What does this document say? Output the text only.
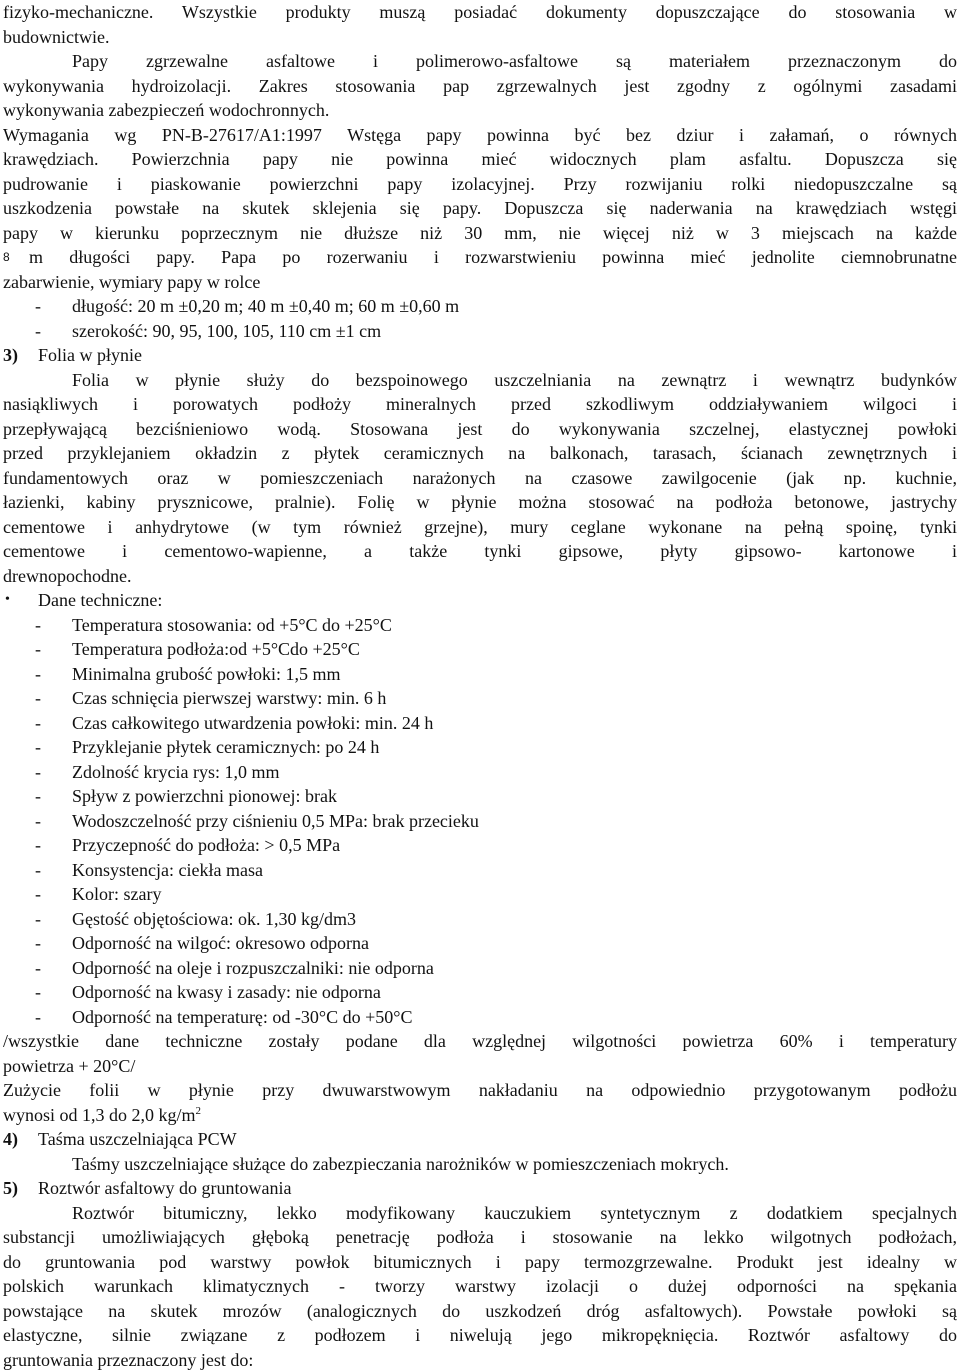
fizyko-mechaniczne. Wszystkie produkty muszą posiadać dokumenty dopuszczające do stosowania w
budownictwie.
Papy zgrzewalne asfaltowe i polimerowo-asfaltowe są materiałem przeznaczonym do
wykonywania hydroizolacji. Zakres stosowania pap zgrzewalnych jest zgodny z ogólnymi zasadami
wykonywania zabezpieczeń wodochronnych.
Wymagania wg PN-B-27617/A1:1997 Wstęga papy powinna być bez dziur i załamań, o równych
krawędziach. Powierzchnia papy nie powinna mieć widocznych plam asfaltu. Dopuszcza się
pudrowanie i piaskowanie powierzchni papy izolacyjnej. Przy rozwijaniu rolki niedopuszczalne są
uszkodzenia powstałe na skutek sklejenia się papy. Dopuszcza się naderwania na krawędziach wstęgi
papy w kierunku poprzecznym nie dłuższe niż 30 mm, nie więcej niż w 3 miejscach na każde
8	m długości papy. Papa po rozerwaniu i rozwarstwieniu powinna mieć jednolite ciemnobrunatne
zabarwienie, wymiary papy w rolce
- długość: 20 m ±0,20 m; 40 m ±0,40 m; 60 m ±0,60 m
- szerokość: 90, 95, 100, 105, 110 cm ±1 cm
3) Folia w płynie
Folia w płynie służy do bezspoinowego uszczelniania na zewnątrz i wewnątrz budynków
nasiąkliwych i porowatych podłoży mineralnych przed szkodliwym oddziaływaniem wilgoci i
przepływającą bezciśnieniowo wodą. Stosowana jest do wykonywania szczelnej, elastycznej powłoki
przed przyklejaniem okładzin z płytek ceramicznych na balkonach, tarasach, ścianach zewnętrznych i
fundamentowych oraz w pomieszczeniach narażonych na czasowe zawilgocenie (jak np. kuchnie,
łazienki, kabiny prysznicowe, pralnie). Folię w płynie można stosować na podłoża betonowe, jastrychy
cementowe i anhydrytowe (w tym również grzejne), mury ceglane wykonane na pełną spoinę, tynki
cementowe i cementowo-wapienne, a także tynki gipsowe, płyty gipsowo- kartonowe i
drewnopochodne.
• Dane techniczne:
- Temperatura stosowania: od +5°C do +25°C
- Temperatura podłoża:od +5°Cdo +25°C
- Minimalna grubość powłoki: 1,5 mm
- Czas schnięcia pierwszej warstwy: min. 6 h
- Czas całkowitego utwardzenia powłoki: min. 24 h
- Przyklejanie płytek ceramicznych: po 24 h
- Zdolność krycia rys: 1,0 mm
- Spływ z powierzchni pionowej: brak
- Wodoszczelność przy ciśnieniu 0,5 MPa: brak przecieku
- Przyczepność do podłoża: > 0,5 MPa
- Konsystencja: ciekła masa
- Kolor: szary
- Gęstość objętościowa: ok. 1,30 kg/dm3
- Odporność na wilgoć: okresowo odporna
- Odporność na oleje i rozpuszczalniki: nie odporna
- Odporność na kwasy i zasady: nie odporna
- Odporność na temperaturę: od -30°C do +50°C
/wszystkie dane techniczne zostały podane dla względnej wilgotności powietrza 60% i temperatury
powietrza + 20°C/
Zużycie folii w płynie przy dwuwarstwowym nakładaniu na odpowiednio przygotowanym podłożu
wynosi od 1,3 do 2,0 $kg/m^2$
4) Taśma uszczelniająca PCW
Taśmy uszczelniające służące do zabezpieczania narożników w pomieszczeniach mokrych.
5) Roztwór asfaltowy do gruntowania
Roztwór bitumiczny, lekko modyfikowany kauczukiem syntetycznym z dodatkiem specjalnych
substancji umożliwiających głęboką penetrację podłoża i stosowanie na lekko wilgotnych podłożach,
do gruntowania pod warstwy powłok bitumicznych i papy termozgrzewalne. Produkt jest idealny w
polskich warunkach klimatycznych - tworzy warstwy izolacji o dużej odporności na spękania
powstające na skutek mrozów (analogicznych do uszkodzeń dróg asfaltowych). Powstałe powłoki są
elastyczne, silnie związane z podłozem i niwelują jego mikropęknięcia. Roztwór asfaltowy do
gruntowania przeznaczony jest do:
